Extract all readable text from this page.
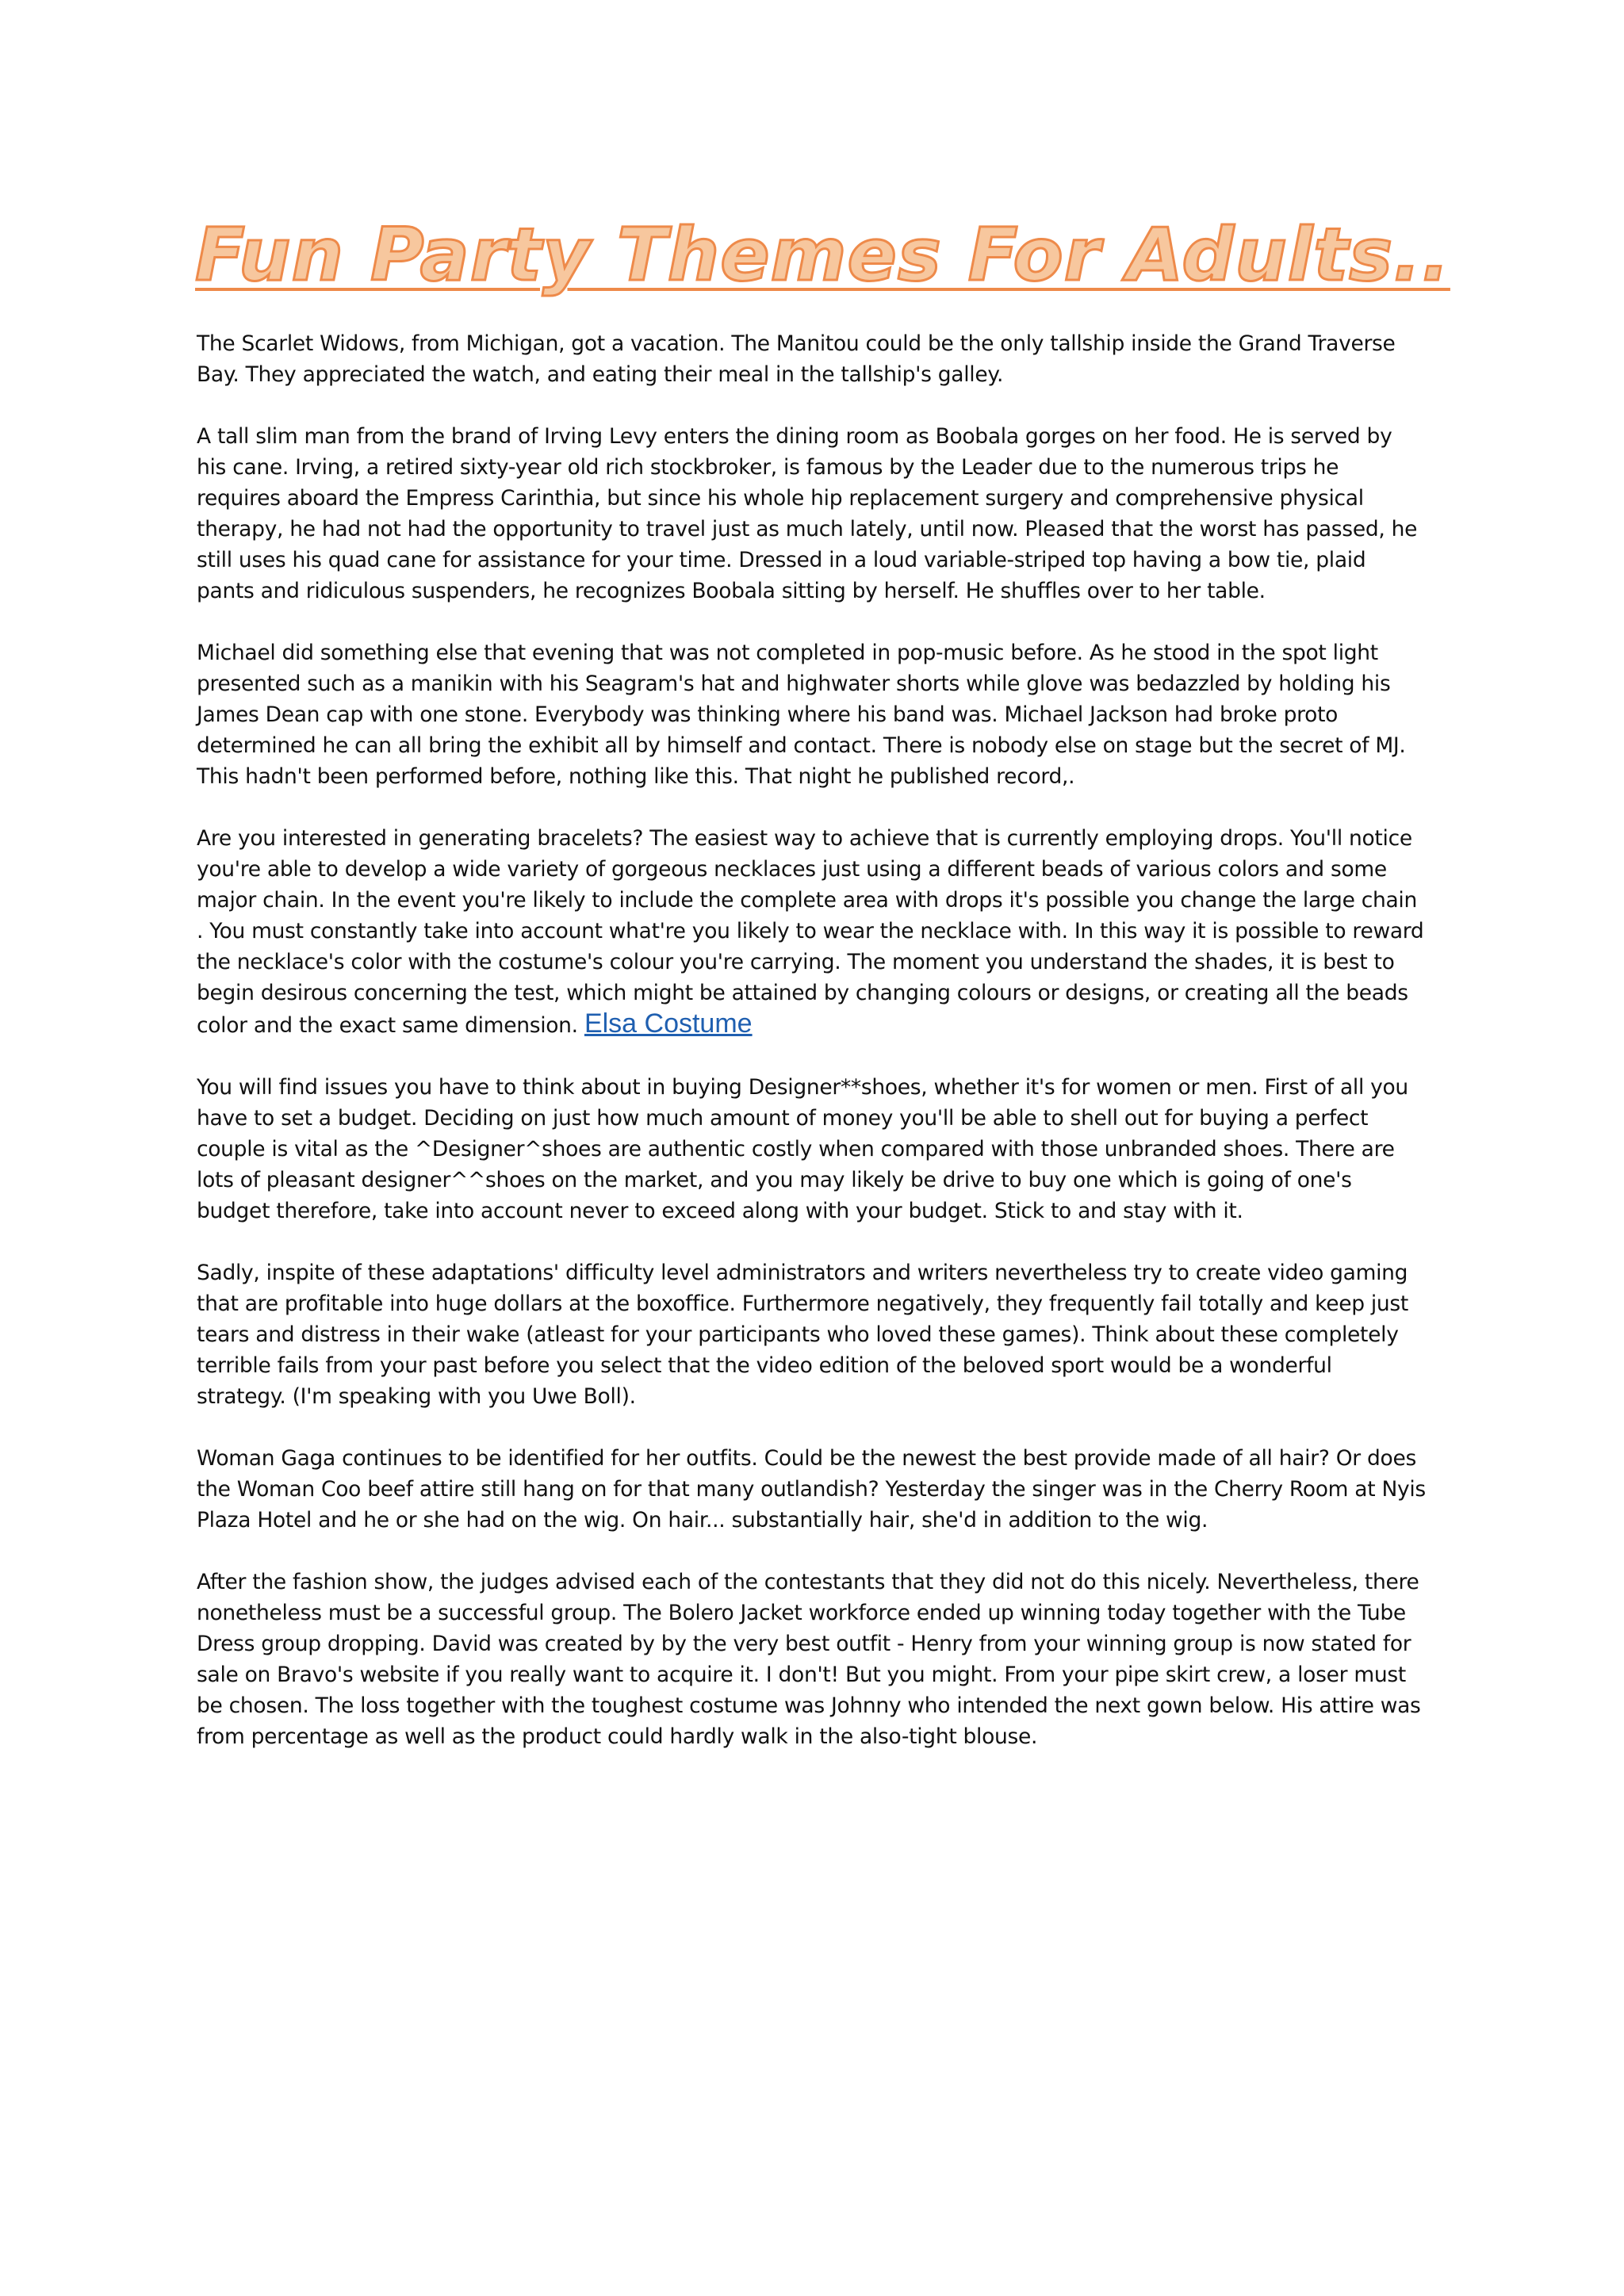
Fun Party Themes For Adults..

The Scarlet Widows, from Michigan, got a vacation. The Manitou could be the only tallship inside the Grand Traverse Bay. They appreciated the watch, and eating their meal in the tallship's galley.

A tall slim man from the brand of Irving Levy enters the dining room as Boobala gorges on her food. He is served by his cane. Irving, a retired sixty-year old rich stockbroker, is famous by the Leader due to the numerous trips he requires aboard the Empress Carinthia, but since his whole hip replacement surgery and comprehensive physical therapy, he had not had the opportunity to travel just as much lately, until now. Pleased that the worst has passed, he still uses his quad cane for assistance for your time. Dressed in a loud variable-striped top having a bow tie, plaid pants and ridiculous suspenders, he recognizes Boobala sitting by herself. He shuffles over to her table.

Michael did something else that evening that was not completed in pop-music before. As he stood in the spot light presented such as a manikin with his Seagram's hat and highwater shorts while glove was bedazzled by holding his James Dean cap with one stone. Everybody was thinking where his band was. Michael Jackson had broke proto determined he can all bring the exhibit all by himself and contact. There is nobody else on stage but the secret of MJ. This hadn't been performed before, nothing like this. That night he published record,.

Are you interested in generating bracelets? The easiest way to achieve that is currently employing drops. You'll notice you're able to develop a wide variety of gorgeous necklaces just using a different beads of various colors and some major chain. In the event you're likely to include the complete area with drops it's possible you change the large chain . You must constantly take into account what're you likely to wear the necklace with. In this way it is possible to reward the necklace's color with the costume's colour you're carrying. The moment you understand the shades, it is best to begin desirous concerning the test, which might be attained by changing colours or designs, or creating all the beads color and the exact same dimension. Elsa Costume

You will find issues you have to think about in buying Designer**shoes, whether it's for women or men. First of all you have to set a budget. Deciding on just how much amount of money you'll be able to shell out for buying a perfect couple is vital as the ^Designer^shoes are authentic costly when compared with those unbranded shoes. There are lots of pleasant designer^^shoes on the market, and you may likely be drive to buy one which is going of one's budget therefore, take into account never to exceed along with your budget. Stick to and stay with it.

Sadly, inspite of these adaptations' difficulty level administrators and writers nevertheless try to create video gaming that are profitable into huge dollars at the boxoffice. Furthermore negatively, they frequently fail totally and keep just tears and distress in their wake (atleast for your participants who loved these games). Think about these completely terrible fails from your past before you select that the video edition of the beloved sport would be a wonderful strategy. (I'm speaking with you Uwe Boll).

Woman Gaga continues to be identified for her outfits. Could be the newest the best provide made of all hair? Or does the Woman Coo beef attire still hang on for that many outlandish? Yesterday the singer was in the Cherry Room at Nyis Plaza Hotel and he or she had on the wig. On hair... substantially hair, she'd in addition to the wig.

After the fashion show, the judges advised each of the contestants that they did not do this nicely. Nevertheless, there nonetheless must be a successful group. The Bolero Jacket workforce ended up winning today together with the Tube Dress group dropping. David was created by by the very best outfit - Henry from your winning group is now stated for sale on Bravo's website if you really want to acquire it. I don't! But you might. From your pipe skirt crew, a loser must be chosen. The loss together with the toughest costume was Johnny who intended the next gown below. His attire was from percentage as well as the product could hardly walk in the also-tight blouse.
